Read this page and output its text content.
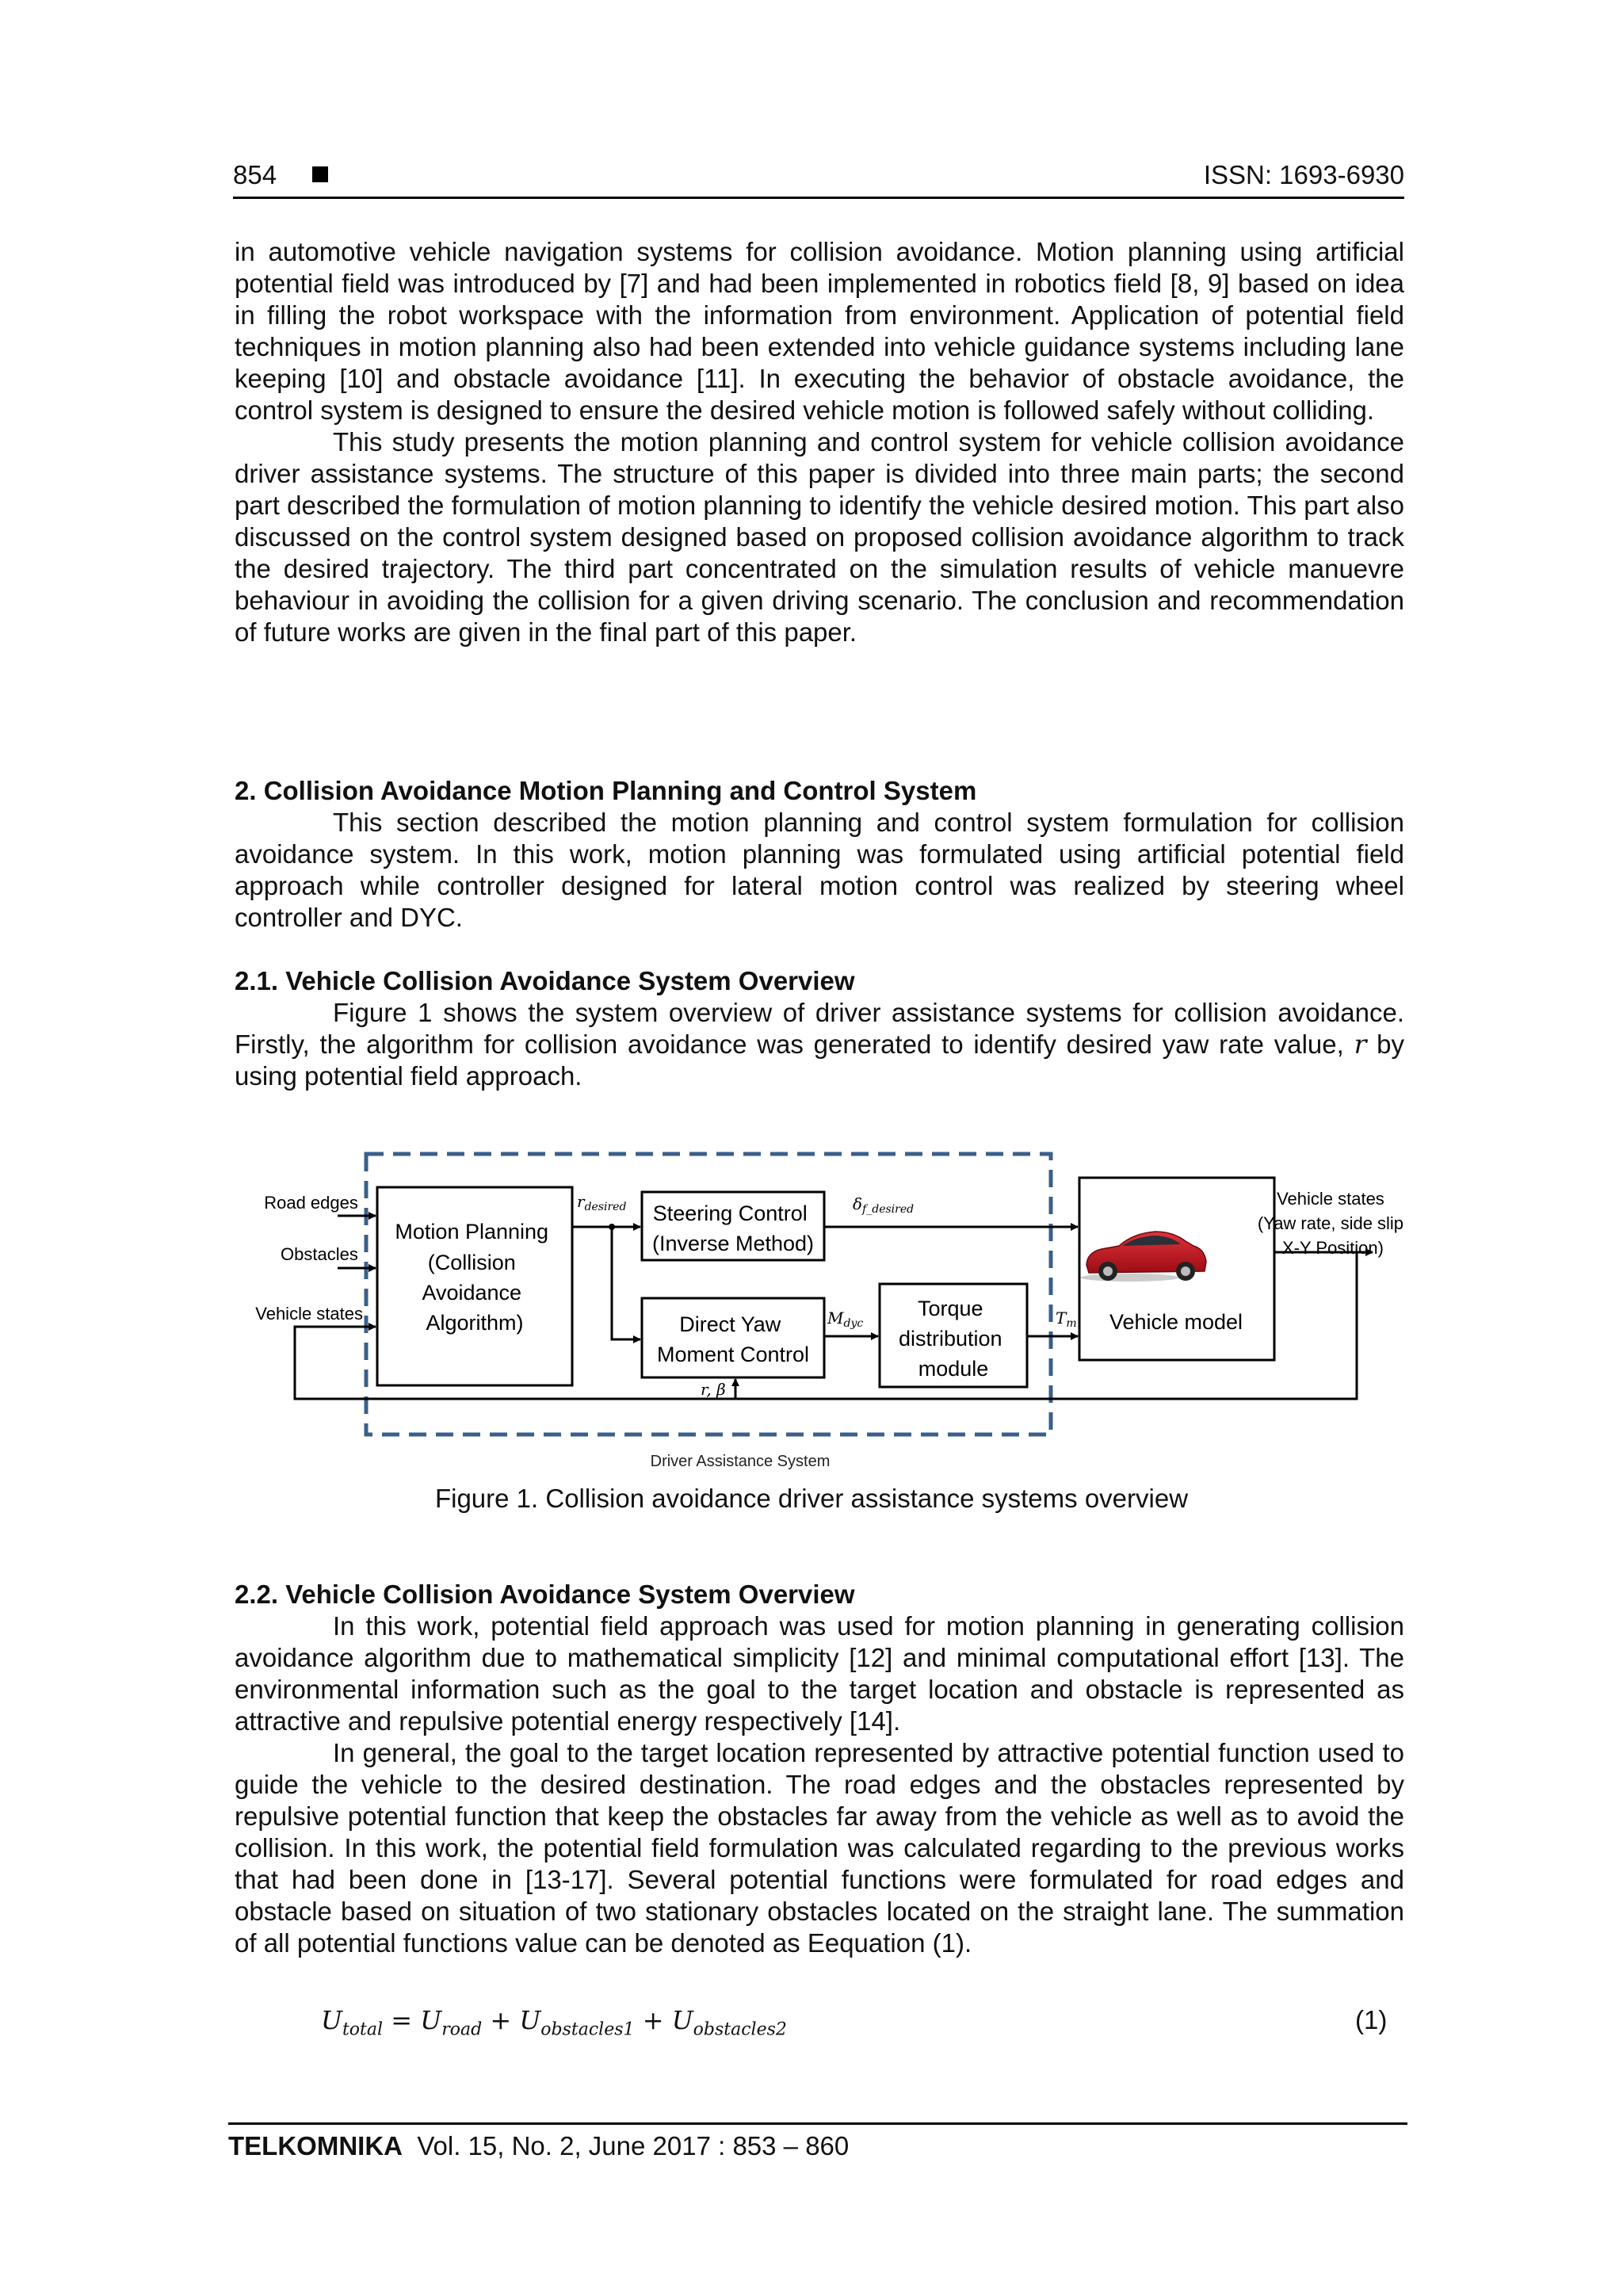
854	ISSN: 1693-6930

in automotive vehicle navigation systems for collision avoidance. Motion planning using artificial potential field was introduced by [7] and had been implemented in robotics field [8, 9] based on idea in filling the robot workspace with the information from environment. Application of potential field techniques in motion planning also had been extended into vehicle guidance systems including lane keeping [10] and obstacle avoidance [11]. In executing the behavior of obstacle avoidance, the control system is designed to ensure the desired vehicle motion is followed safely without colliding.

This study presents the motion planning and control system for vehicle collision avoidance driver assistance systems. The structure of this paper is divided into three main parts; the second part described the formulation of motion planning to identify the vehicle desired motion. This part also discussed on the control system designed based on proposed collision avoidance algorithm to track the desired trajectory. The third part concentrated on the simulation results of vehicle manuevre behaviour in avoiding the collision for a given driving scenario. The conclusion and recommendation of future works are given in the final part of this paper.

2. Collision Avoidance Motion Planning and Control System

This section described the motion planning and control system formulation for collision avoidance system. In this work, motion planning was formulated using artificial potential field approach while controller designed for lateral motion control was realized by steering wheel controller and DYC.

2.1. Vehicle Collision Avoidance System Overview

Figure 1 shows the system overview of driver assistance systems for collision avoidance. Firstly, the algorithm for collision avoidance was generated to identify desired yaw rate value, r by using potential field approach.

Driver Assistance System
Motion Planning (Collision Avoidance Algorithm)
Steering Control (Inverse Method)
Direct Yaw Moment Control
Torque distribution module
Vehicle model
Road edges Obstacles Vehicle states
$r_{desired}$	$\delta_{f\_desired}$
$M_{dyc}$	$T_m$
r, β
Vehicle states (Yaw rate, side slip X-Y Position)
Figure 1. Collision avoidance driver assistance systems overview

2.2. Vehicle Collision Avoidance System Overview

In this work, potential field approach was used for motion planning in generating collision avoidance algorithm due to mathematical simplicity [12] and minimal computational effort [13]. The environmental information such as the goal to the target location and obstacle is represented as attractive and repulsive potential energy respectively [14].

In general, the goal to the target location represented by attractive potential function used to guide the vehicle to the desired destination. The road edges and the obstacles represented by repulsive potential function that keep the obstacles far away from the vehicle as well as to avoid the collision. In this work, the potential field formulation was calculated regarding to the previous works that had been done in [13-17]. Several potential functions were formulated for road edges and obstacle based on situation of two stationary obstacles located on the straight lane. The summation of all potential functions value can be denoted as Eequation (1).

$U_{total} = U_{road} + U_{obstacles1} + U_{obstacles2}$	(1)
TELKOMNIKA Vol. 15, No. 2, June 2017 : 853 – 860
